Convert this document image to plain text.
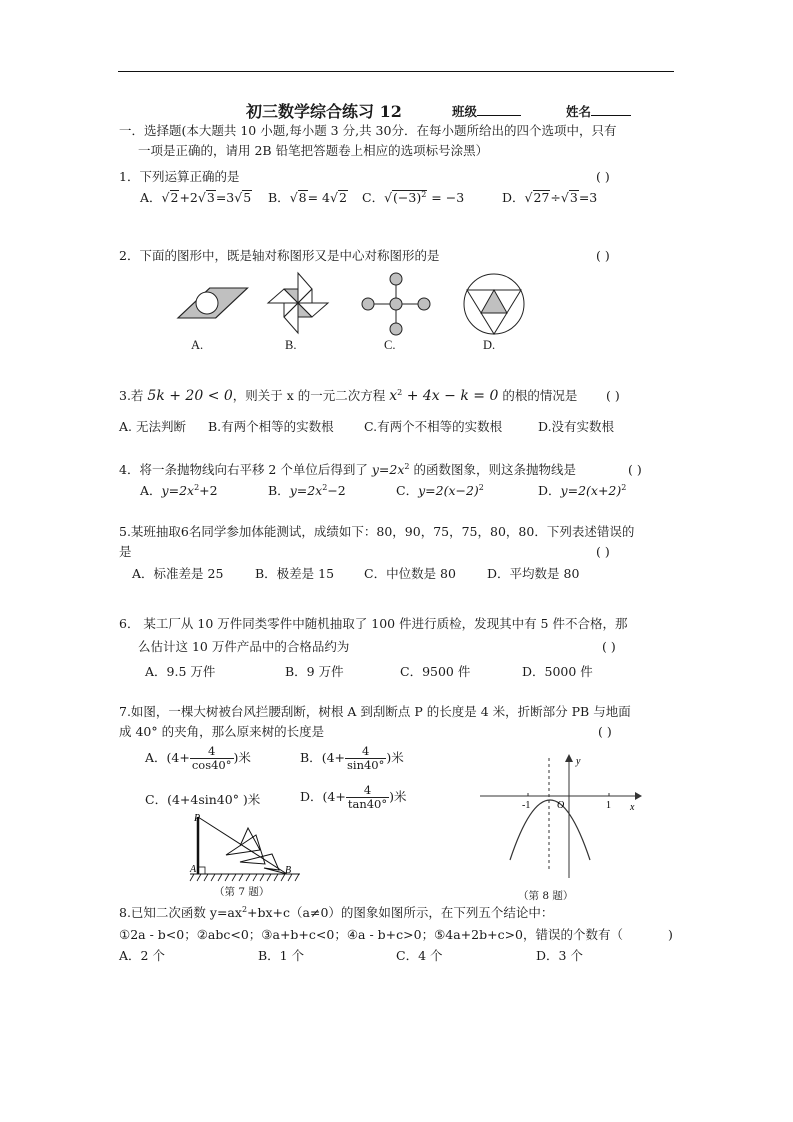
初三数学综合练习 12	班级	姓名
一．选择题(本大题共 10 小题,每小题 3 分,共 30分．在每小题所给出的四个选项中，只有
一项是正确的，请用 2B 铅笔把答题卷上相应的选项标号涂黑）
1．下列运算正确的是	( )
A．√2+2√3=3√5 B．√8= 4√2 C．$√(-3)^2 = -3$	D．√27÷√3=3
2．下面的图形中，既是轴对称图形又是中心对称图形的是	( )
A.	B.	C.	D.
3.若 5k + 20 < 0，则关于 x 的一元二次方程 $x^2 + 4x - k = 0$ 的根的情况是 ( )
A. 无法判断 B.有两个相等的实数根 C.有两个不相等的实数根	D.没有实数根
4．将一条抛物线向右平移 2 个单位后得到了 $y=2x^2$ 的函数图象，则这条抛物线是	( )
A．$y=2x^2+2$	B．$y=2x^2-2$	C．$y=2(x-2)^2$	D．$y=2(x+2)^2$
5.某班抽取6名同学参加体能测试，成绩如下：80，90，75，75，80，80．下列表述错误的
是	( )
A．标准差是 25	B．极差是 15 C．中位数是 80 D．平均数是 80
6． 某工厂从 10 万件同类零件中随机抽取了 100 件进行质检，发现其中有 5 件不合格，那
么估计这 10 万件产品中的合格品约为	( )
A．9.5 万件	B．9 万件	C．9500 件	D．5000 件
7.如图，一棵大树被台风拦腰刮断，树根 A 到刮断点 P 的长度是 4 米，折断部分 PB 与地面
成 40° 的夹角，那么原来树的长度是	( )
A．($4+ \frac{4}{\cos 40^\circ}$ )米	B．($4+ \frac{4}{\sin 40^\circ}$ )米
C．(4+4sin40° )米	D．($4+ \frac{4}{\tan 40^\circ}$ )米
P
A	B
（第 7 题）
-1	1
O	x
y
（第 8 题）
8.已知二次函数 $y=ax^2+bx+c(a\ne 0)$的图象如图所示，在下列五个结论中：
①2a - b<0；②abc<0；③a+b+c<0；④a - b+c>0；⑤4a+2b+c>0，错误的个数有（	)
A．2 个	B．1 个	C．4 个	D．3 个
